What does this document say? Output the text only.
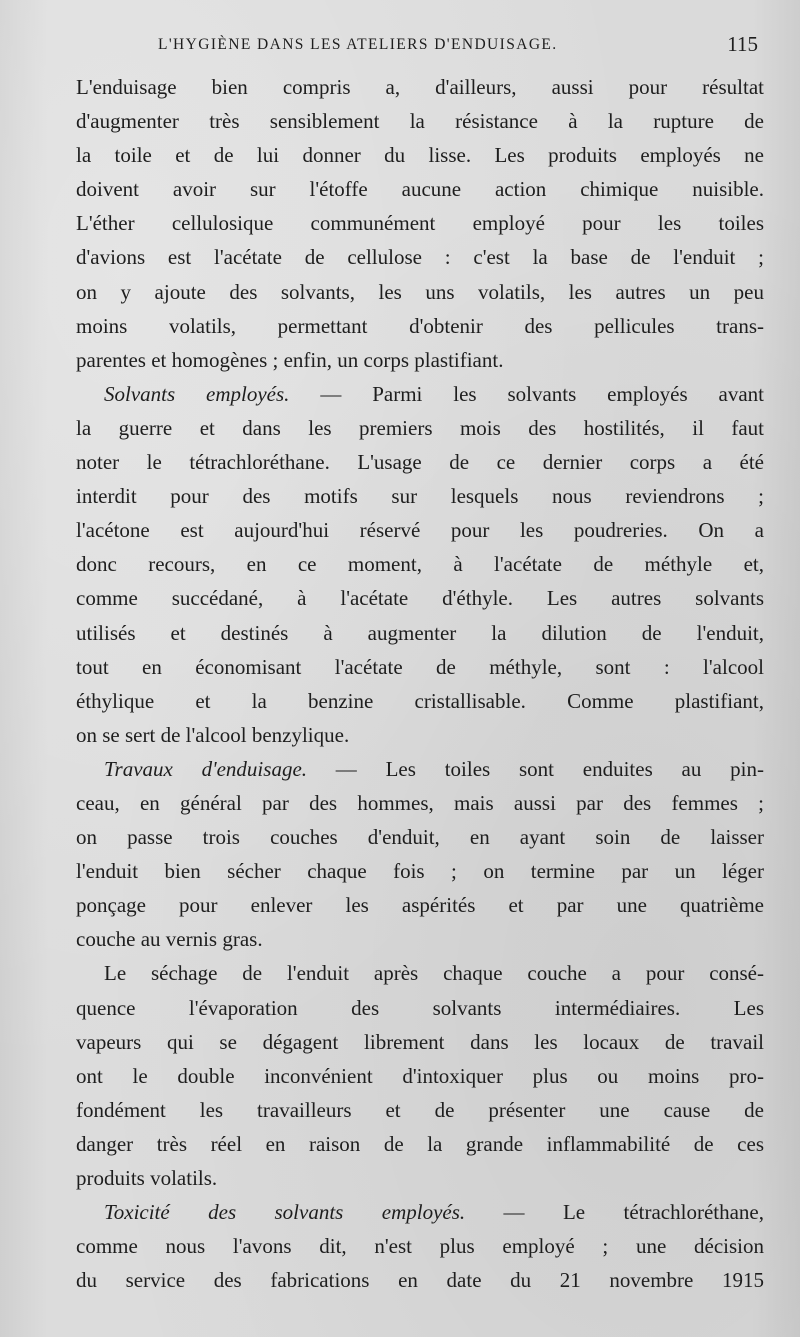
L'HYGIÈNE DANS LES ATELIERS D'ENDUISAGE.	115

L'enduisage bien compris a, d'ailleurs, aussi pour résultat
d'augmenter très sensiblement la résistance à la rupture de
la toile et de lui donner du lisse. Les produits employés ne
doivent avoir sur l'étoffe aucune action chimique nuisible.
L'éther cellulosique communément employé pour les toiles
d'avions est l'acétate de cellulose : c'est la base de l'enduit ;
on y ajoute des solvants, les uns volatils, les autres un peu
moins volatils, permettant d'obtenir des pellicules trans-
parentes et homogènes ; enfin, un corps plastifiant.

Solvants employés. — Parmi les solvants employés avant
la guerre et dans les premiers mois des hostilités, il faut
noter le tétrachloréthane. L'usage de ce dernier corps a été
interdit pour des motifs sur lesquels nous reviendrons ;
l'acétone est aujourd'hui réservé pour les poudreries. On a
donc recours, en ce moment, à l'acétate de méthyle et,
comme succédané, à l'acétate d'éthyle. Les autres solvants
utilisés et destinés à augmenter la dilution de l'enduit,
tout en économisant l'acétate de méthyle, sont : l'alcool
éthylique et la benzine cristallisable. Comme plastifiant,
on se sert de l'alcool benzylique.

Travaux d'enduisage. — Les toiles sont enduites au pin-
ceau, en général par des hommes, mais aussi par des femmes ;
on passe trois couches d'enduit, en ayant soin de laisser
l'enduit bien sécher chaque fois ; on termine par un léger
ponçage pour enlever les aspérités et par une quatrième
couche au vernis gras.

Le séchage de l'enduit après chaque couche a pour consé-
quence l'évaporation des solvants intermédiaires. Les
vapeurs qui se dégagent librement dans les locaux de travail
ont le double inconvénient d'intoxiquer plus ou moins pro-
fondément les travailleurs et de présenter une cause de
danger très réel en raison de la grande inflammabilité de ces
produits volatils.

Toxicité des solvants employés. — Le tétrachloréthane,
comme nous l'avons dit, n'est plus employé ; une décision
du service des fabrications en date du 21 novembre 1915
